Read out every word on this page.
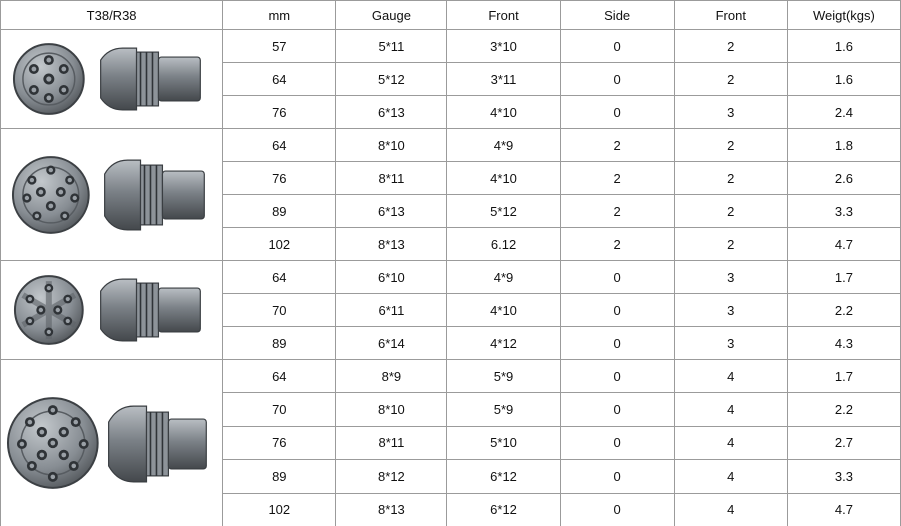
T38/R38	mm	Gauge	Front	Side	Front	Weigt(kgs)

	57	5*11	3*10	0	2	1.6
	64	5*12	3*11	0	2	1.6
	76	6*13	4*10	0	3	2.4

	64	8*10	4*9	2	2	1.8
	76	8*11	4*10	2	2	2.6
	89	6*13	5*12	2	2	3.3
	102	8*13	6.12	2	2	4.7

	64	6*10	4*9	0	3	1.7
	70	6*11	4*10	0	3	2.2
	89	6*14	4*12	0	3	4.3

	64	8*9	5*9	0	4	1.7
	70	8*10	5*9	0	4	2.2
	76	8*11	5*10	0	4	2.7
	89	8*12	6*12	0	4	3.3
	102	8*13	6*12	0	4	4.7
